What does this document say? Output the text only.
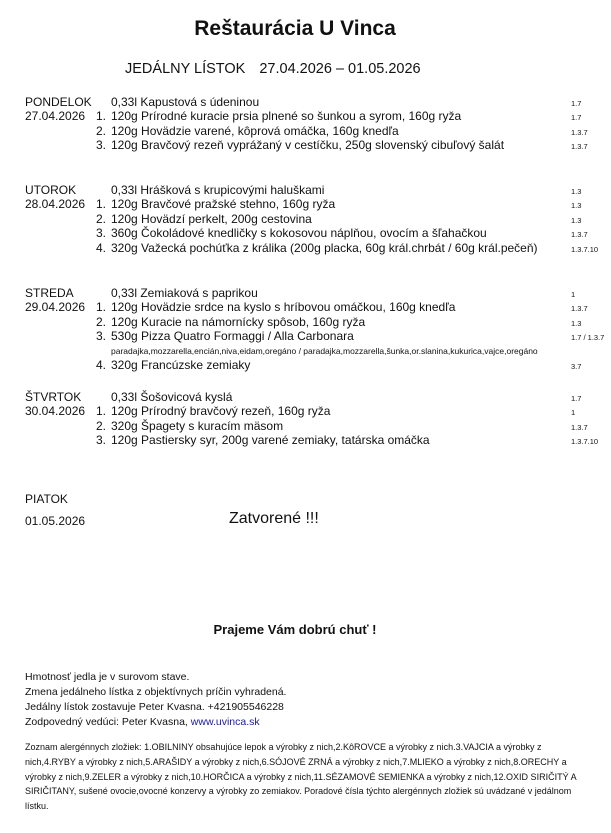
Reštaurácia U Vinca
JEDÁLNY LÍSTOK 27.04.2026 – 01.05.2026
PONDELOK
27.04.2026
0,33l Kapustová s údeninou	1.7
1. 120g Prírodné kuracie prsia plnené so šunkou a syrom, 160g ryža	1.7
2. 120g Hovädzie varené, kôprová omáčka, 160g knedľa	1.3.7
3. 120g Bravčový rezeň vyprážaný v cestíčku, 250g slovenský cibuľový šalát	1.3.7
UTOROK
28.04.2026
0,33l Hrášková s krupicovými haluškami	1.3
1. 120g Bravčové pražské stehno, 160g ryža	1.3
2. 120g Hovädzí perkelt, 200g cestovina	1.3
3. 360g Čokoládové knedličky s kokosovou náplňou, ovocím a šľahačkou	1.3.7
4. 320g Važecká pochúťka z králika (200g placka, 60g král.chrbát / 60g král.pečeň)	1.3.7.10
STREDA
29.04.2026
0,33l Zemiaková s paprikou	1
1. 120g Hovädzie srdce na kyslo s hríbovou omáčkou, 160g knedľa	1.3.7
2. 120g Kuracie na námornícky spôsob, 160g ryža	1.3
3. 530g Pizza Quatro Formaggi / Alla Carbonara	1.7 / 1.3.7
paradajka,mozzarella,encián,niva,eidam,oregáno / paradajka,mozzarella,šunka,or.slanina,kukurica,vajce,oregáno
4. 320g Francúzske zemiaky	3.7
ŠTVRTOK
30.04.2026
0,33l Šošovicová kyslá	1.7
1. 120g Prírodný bravčový rezeň, 160g ryža	1
2. 320g Špagety s kuracím mäsom	1.3.7
3. 120g Pastiersky syr, 200g varené zemiaky, tatárska omáčka	1.3.7.10
PIATOK
01.05.2026	Zatvorené !!!
Prajeme Vám dobrú chuť !
Hmotnosť jedla je v surovom stave.
Zmena jedálneho lístka z objektívnych príčin vyhradená.
Jedálny lístok zostavuje Peter Kvasna. +421905546228
Zodpovedný vedúci: Peter Kvasna, www.uvinca.sk
Zoznam alergénnych zložiek: 1.OBILNINY obsahujúce lepok a výrobky z nich,2.KôROVCE a výrobky z nich.3.VAJCIA a výrobky z nich,4.RYBY a výrobky z nich,5.ARAŠIDY a výrobky z nich,6.SÓJOVÉ ZRNÁ a výrobky z nich,7.MLIEKO a výrobky z nich,8.ORECHY a výrobky z nich,9.ZELER a výrobky z nich,10.HORČICA a výrobky z nich,11.SÉZAMOVÉ SEMIENKA a výrobky z nich,12.OXID SIRIČITÝ A SIRIČITANY, sušené ovocie,ovocné konzervy a výrobky zo zemiakov. Poradové čísla týchto alergénnych zložiek sú uvádzané v jedálnom lístku.
